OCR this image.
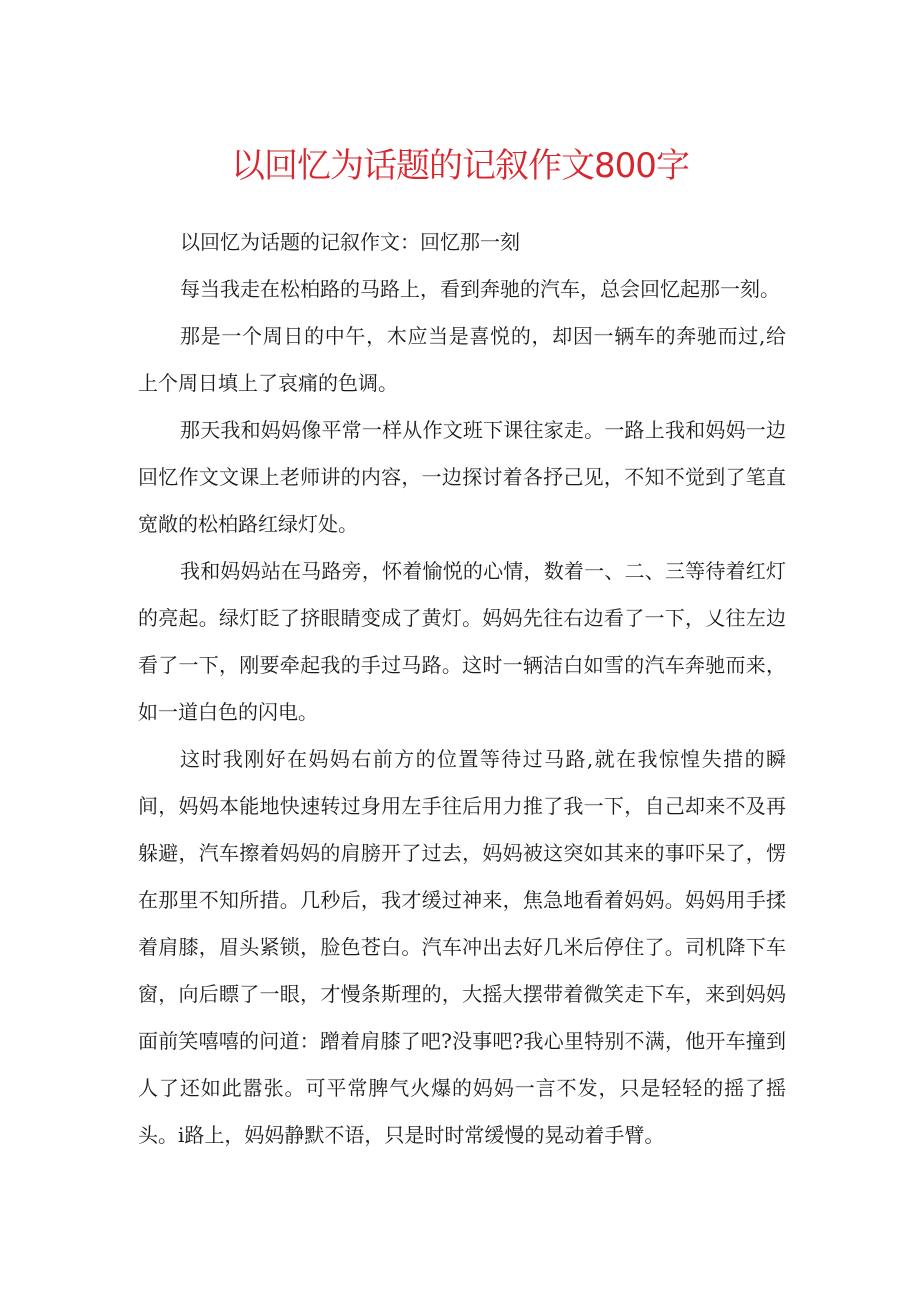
以回忆为话题的记叙作文800字

以回忆为话题的记叙作文：回忆那一刻

每当我走在松柏路的马路上，看到奔驰的汽车，总会回忆起那一刻。

那是一个周日的中午，木应当是喜悦的，却因一辆车的奔驰而过,给上个周日填上了哀痛的色调。

那天我和妈妈像平常一样从作文班下课往家走。一路上我和妈妈一边回忆作文文课上老师讲的内容，一边探讨着各抒己见，不知不觉到了笔直宽敞的松柏路红绿灯处。

我和妈妈站在马路旁，怀着愉悦的心情，数着一、二、三等待着红灯的亮起。绿灯眨了挤眼睛变成了黄灯。妈妈先往右边看了一下，乂往左边看了一下，刚要牵起我的手过马路。这时一辆洁白如雪的汽车奔驰而来，如一道白色的闪电。

这时我刚好在妈妈右前方的位置等待过马路,就在我惊惶失措的瞬间，妈妈本能地快速转过身用左手往后用力推了我一下，自己却来不及再躲避，汽车擦着妈妈的肩膀开了过去，妈妈被这突如其来的事吓呆了，愣在那里不知所措。几秒后，我才缓过神来，焦急地看着妈妈。妈妈用手揉着肩膝，眉头紧锁，脸色苍白。汽车冲出去好几米后停住了。司机降下车窗，向后瞟了一眼，才慢条斯理的，大摇大摆带着微笑走下车，来到妈妈面前笑嘻嘻的问道：蹭着肩膝了吧?没事吧?我心里特别不满，他开车撞到人了还如此嚣张。可平常脾气火爆的妈妈一言不发，只是轻轻的摇了摇头。i路上，妈妈静默不语，只是时时常缓慢的晃动着手臂。
